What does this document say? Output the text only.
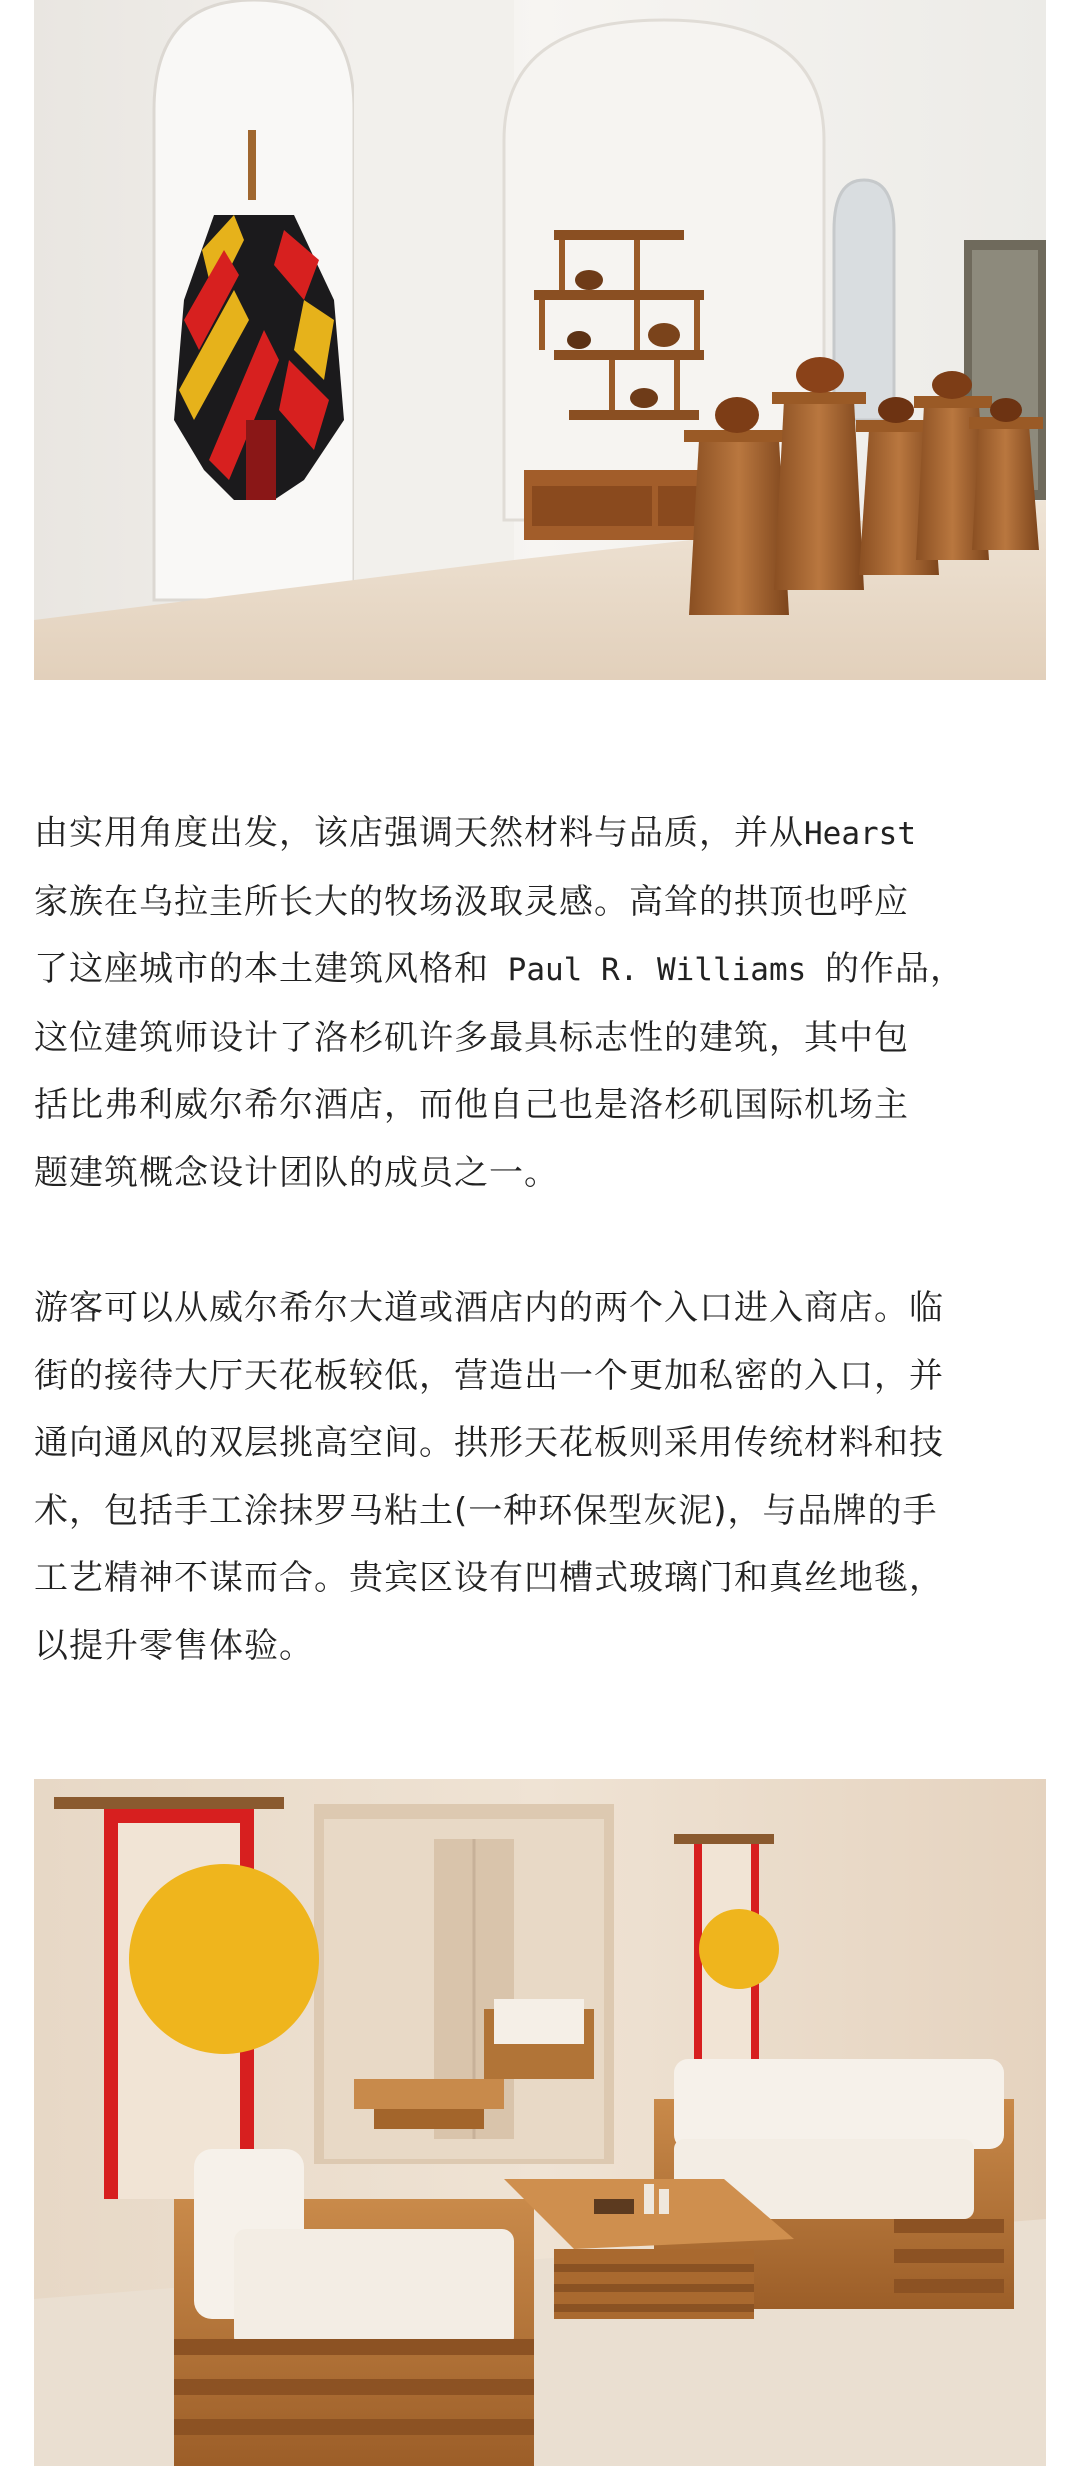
由实用角度出发，该店强调天然材料与品质，并从Hearst
家族在乌拉圭所长大的牧场汲取灵感。高耸的拱顶也呼应
了这座城市的本土建筑风格和 Paul R. Williams 的作品，
这位建筑师设计了洛杉矶许多最具标志性的建筑，其中包
括比弗利威尔希尔酒店，而他自己也是洛杉矶国际机场主
题建筑概念设计团队的成员之一。
游客可以从威尔希尔大道或酒店内的两个入口进入商店。临
街的接待大厅天花板较低，营造出一个更加私密的入口，并
通向通风的双层挑高空间。拱形天花板则采用传统材料和技
术，包括手工涂抹罗马粘土(一种环保型灰泥)，与品牌的手
工艺精神不谋而合。贵宾区设有凹槽式玻璃门和真丝地毯，
以提升零售体验。
